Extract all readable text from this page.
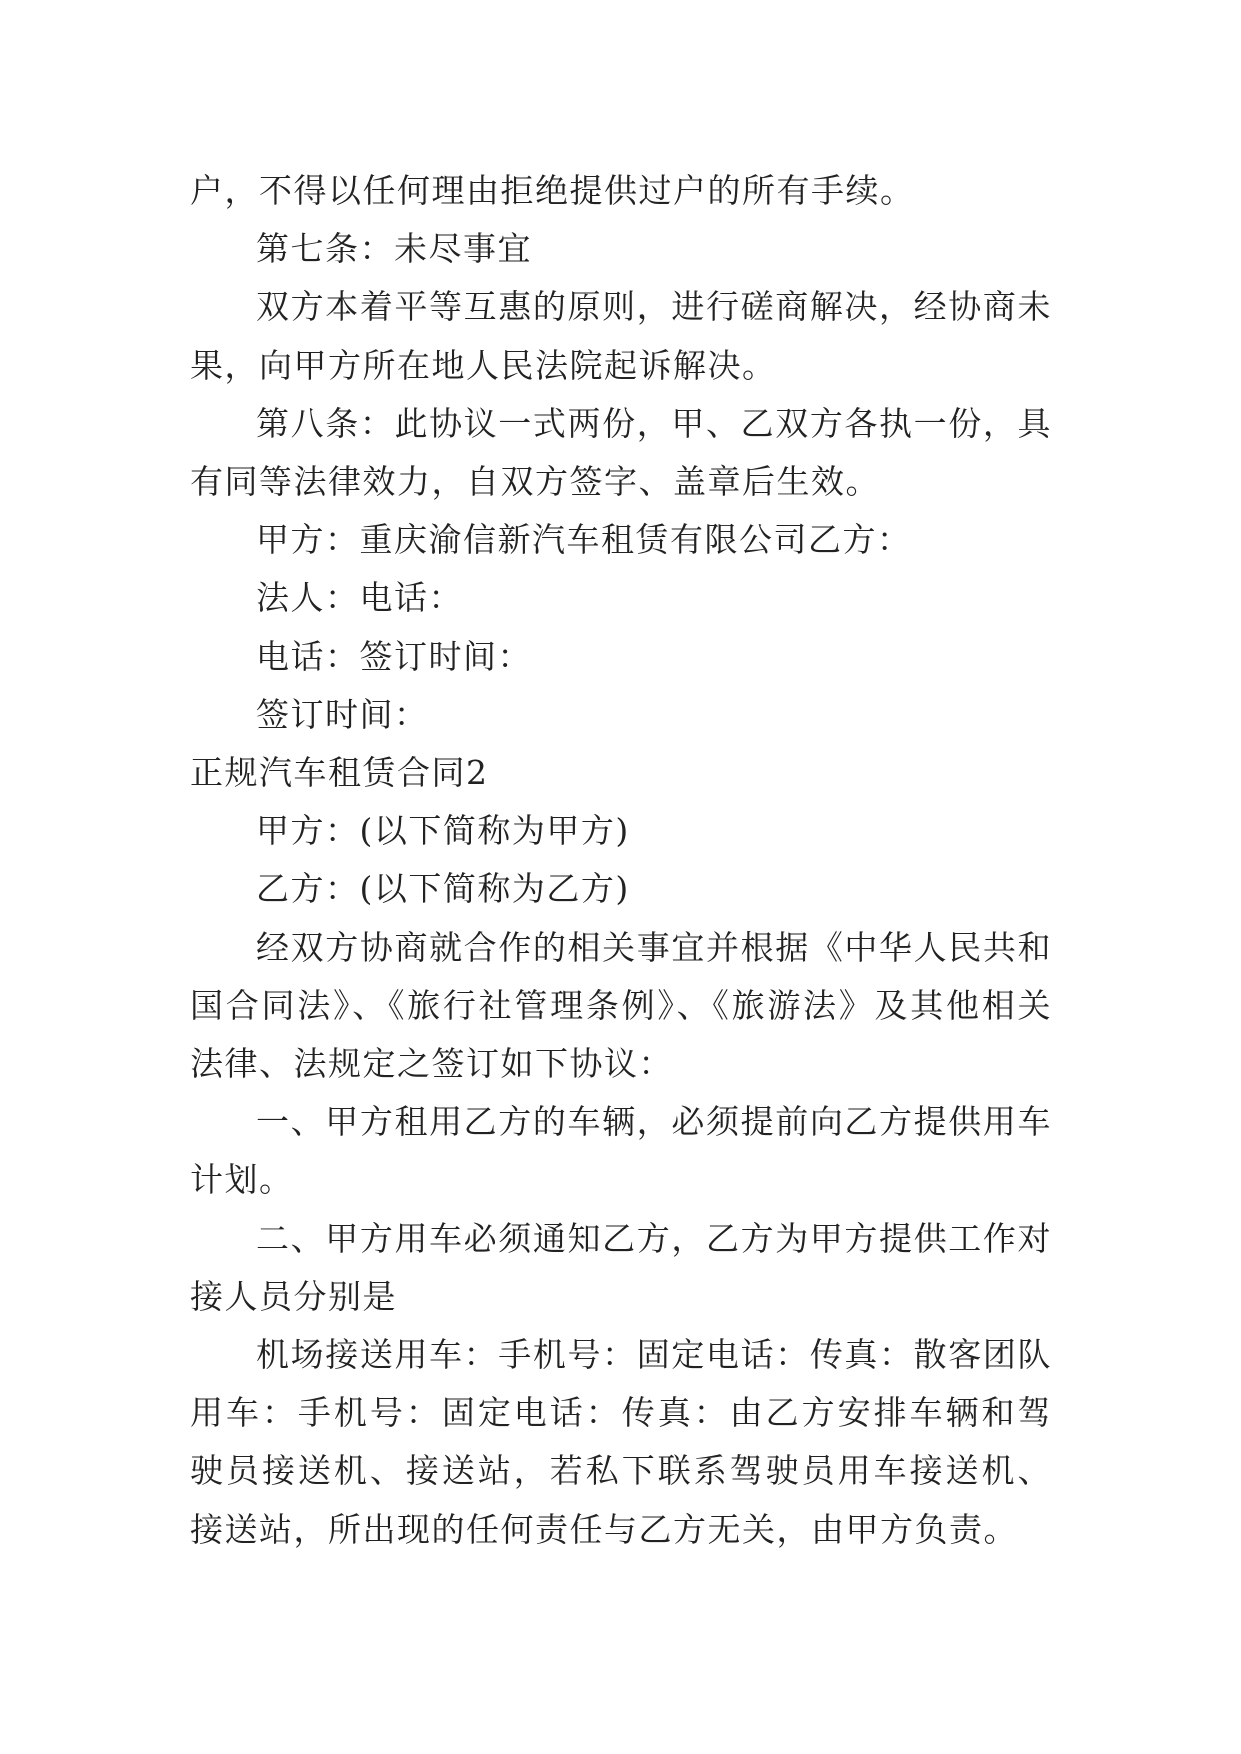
户，不得以任何理由拒绝提供过户的所有手续。

第七条：未尽事宜

双方本着平等互惠的原则，进行磋商解决，经协商未果，向甲方所在地人民法院起诉解决。

第八条：此协议一式两份，甲、乙双方各执一份，具有同等法律效力，自双方签字、盖章后生效。

甲方：重庆渝信新汽车租赁有限公司乙方：

法人：电话：

电话：签订时间：

签订时间：

正规汽车租赁合同2

甲方：(以下简称为甲方)

乙方：(以下简称为乙方)

经双方协商就合作的相关事宜并根据《中华人民共和国合同法》、《旅行社管理条例》、《旅游法》及其他相关法律、法规定之签订如下协议：

一、甲方租用乙方的车辆，必须提前向乙方提供用车计划。

二、甲方用车必须通知乙方，乙方为甲方提供工作对接人员分别是

机场接送用车：手机号：固定电话：传真：散客团队用车：手机号：固定电话：传真：由乙方安排车辆和驾驶员接送机、接送站，若私下联系驾驶员用车接送机、接送站，所出现的任何责任与乙方无关，由甲方负责。
